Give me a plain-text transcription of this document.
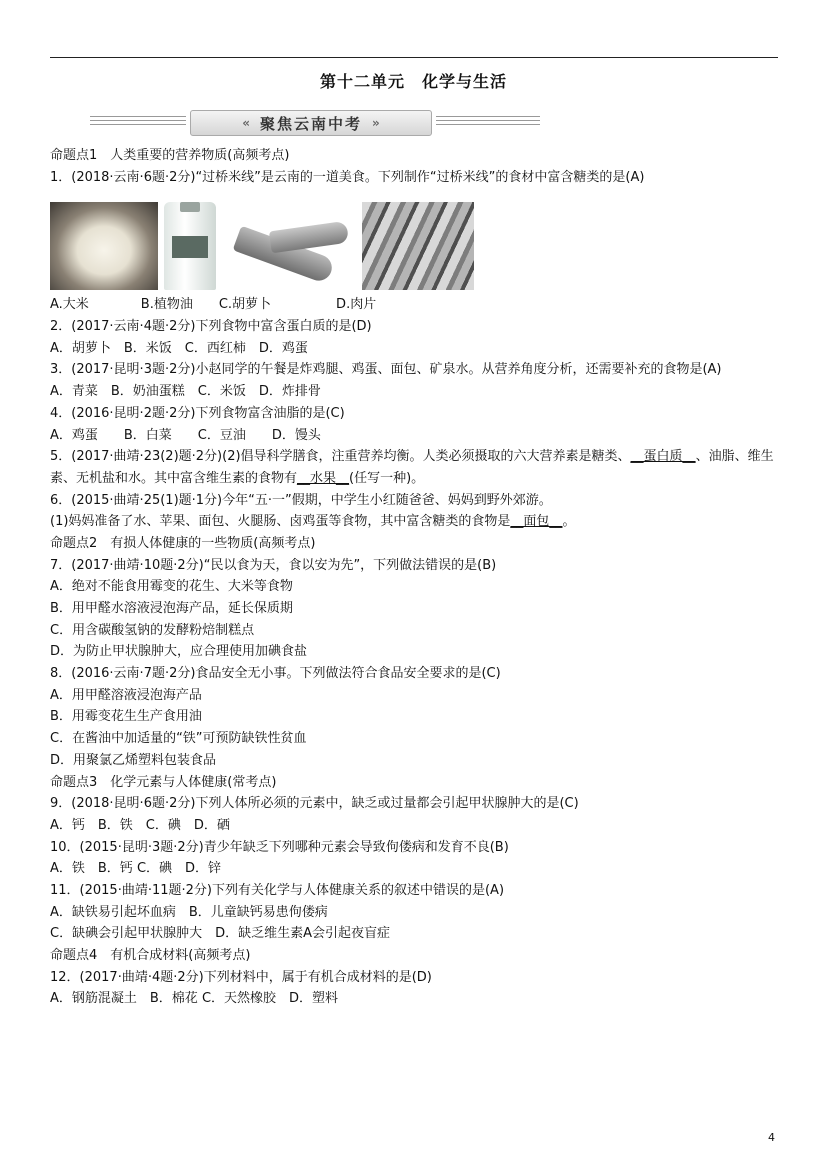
第十二单元　化学与生活
« 聚焦云南中考 »
命题点1　人类重要的营养物质(高频考点)
1．(2018·云南·6题·2分)“过桥米线”是云南的一道美食。下列制作“过桥米线”的食材中富含糖类的是(A)
A.大米　　　　B.植物油　　C.胡萝卜　　　　　D.肉片
2．(2017·云南·4题·2分)下列食物中富含蛋白质的是(D)
A．胡萝卜　B．米饭　C．西红柿　D．鸡蛋
3．(2017·昆明·3题·2分)小赵同学的午餐是炸鸡腿、鸡蛋、面包、矿泉水。从营养角度分析，还需要补充的食物是(A)
A．青菜　B．奶油蛋糕　C．米饭　D．炸排骨
4．(2016·昆明·2题·2分)下列食物富含油脂的是(C)
A．鸡蛋　　B．白菜　　C．豆油　　D．馒头
5．(2017·曲靖·23(2)题·2分)(2)倡导科学膳食，注重营养均衡。人类必须摄取的六大营养素是糖类、__蛋白质__、油脂、维生素、无机盐和水。其中富含维生素的食物有__水果__(任写一种)。
6．(2015·曲靖·25(1)题·1分)今年“五·一”假期，中学生小红随爸爸、妈妈到野外郊游。
(1)妈妈准备了水、苹果、面包、火腿肠、卤鸡蛋等食物，其中富含糖类的食物是__面包__。
命题点2　有损人体健康的一些物质(高频考点)
7．(2017·曲靖·10题·2分)“民以食为天，食以安为先”，下列做法错误的是(B)
A．绝对不能食用霉变的花生、大米等食物
B．用甲醛水溶液浸泡海产品，延长保质期
C．用含碳酸氢钠的发酵粉焙制糕点
D．为防止甲状腺肿大，应合理使用加碘食盐
8．(2016·云南·7题·2分)食品安全无小事。下列做法符合食品安全要求的是(C)
A．用甲醛溶液浸泡海产品
B．用霉变花生生产食用油
C．在酱油中加适量的“铁”可预防缺铁性贫血
D．用聚氯乙烯塑料包装食品
命题点3　化学元素与人体健康(常考点)
9．(2018·昆明·6题·2分)下列人体所必须的元素中，缺乏或过量都会引起甲状腺肿大的是(C)
A．钙　B．铁　C．碘　D．硒
10．(2015·昆明·3题·2分)青少年缺乏下列哪种元素会导致佝偻病和发育不良(B)
A．铁　B．钙 C．碘　D．锌
11．(2015·曲靖·11题·2分)下列有关化学与人体健康关系的叙述中错误的是(A)
A．缺铁易引起坏血病　B．儿童缺钙易患佝偻病
C．缺碘会引起甲状腺肿大　D．缺乏维生素A会引起夜盲症
命题点4　有机合成材料(高频考点)
12．(2017·曲靖·4题·2分)下列材料中，属于有机合成材料的是(D)
A．钢筋混凝土　B．棉花 C．天然橡胶　D．塑料
4
